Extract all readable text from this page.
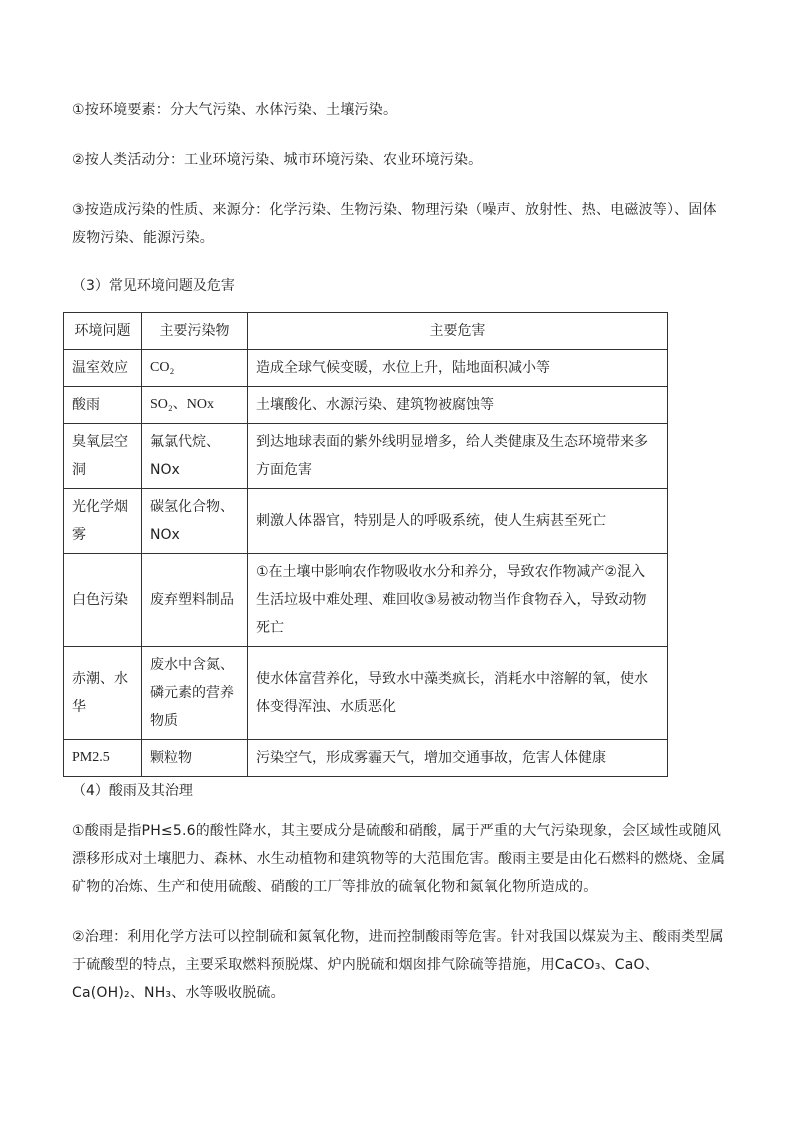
①按环境要素：分大气污染、水体污染、土壤污染。

②按人类活动分：工业环境污染、城市环境污染、农业环境污染。

③按造成污染的性质、来源分：化学污染、生物污染、物理污染（噪声、放射性、热、电磁波等）、固体废物污染、能源污染。

（3）常见环境问题及危害

环境问题	主要污染物	主要危害
温室效应	CO₂	造成全球气候变暖，水位上升，陆地面积减小等
酸雨	SO₂、NOx	土壤酸化、水源污染、建筑物被腐蚀等
臭氧层空洞	氟氯代烷、NOx	到达地球表面的紫外线明显增多，给人类健康及生态环境带来多方面危害
光化学烟雾	碳氢化合物、NOx	刺激人体器官，特别是人的呼吸系统，使人生病甚至死亡
白色污染	废弃塑料制品	①在土壤中影响农作物吸收水分和养分，导致农作物减产②混入生活垃圾中难处理、难回收③易被动物当作食物吞入，导致动物死亡
赤潮、水华	废水中含氮、磷元素的营养物质	使水体富营养化，导致水中藻类疯长，消耗水中溶解的氧，使水体变得浑浊、水质恶化
PM2.5	颗粒物	污染空气，形成雾霾天气，增加交通事故，危害人体健康

（4）酸雨及其治理

①酸雨是指PH≤5.6的酸性降水，其主要成分是硫酸和硝酸，属于严重的大气污染现象，会区域性或随风漂移形成对土壤肥力、森林、水生动植物和建筑物等的大范围危害。酸雨主要是由化石燃料的燃烧、金属矿物的冶炼、生产和使用硫酸、硝酸的工厂等排放的硫氧化物和氮氧化物所造成的。

②治理：利用化学方法可以控制硫和氮氧化物，进而控制酸雨等危害。针对我国以煤炭为主、酸雨类型属于硫酸型的特点，主要采取燃料预脱煤、炉内脱硫和烟囱排气除硫等措施，用CaCO₃、CaO、Ca(OH)₂、NH₃、水等吸收脱硫。
